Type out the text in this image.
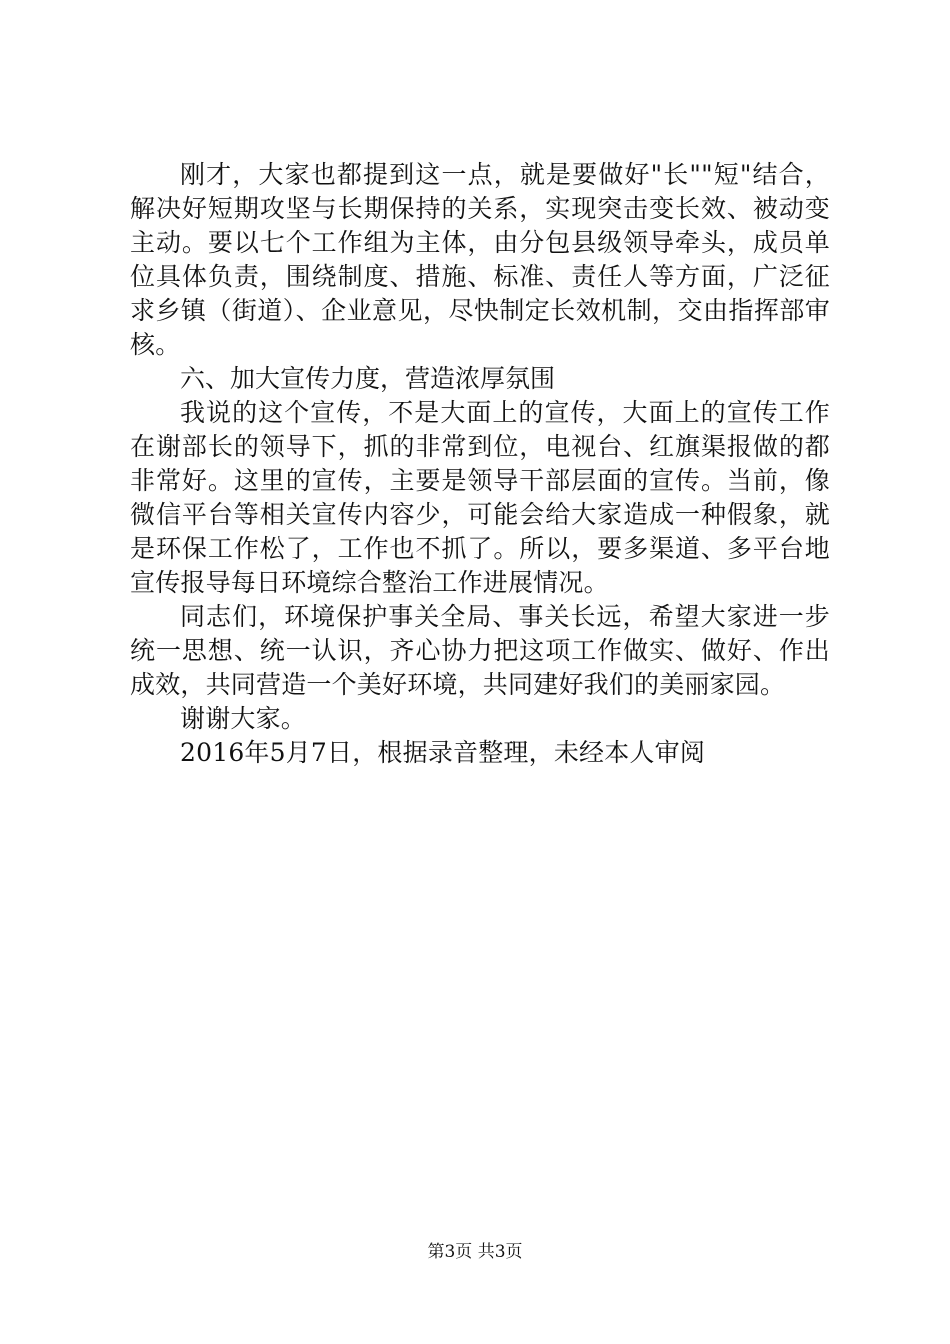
刚才，大家也都提到这一点，就是要做好"长""短"结合，解决好短期攻坚与长期保持的关系，实现突击变长效、被动变主动。要以七个工作组为主体，由分包县级领导牵头，成员单位具体负责，围绕制度、措施、标准、责任人等方面，广泛征求乡镇（街道）、企业意见，尽快制定长效机制，交由指挥部审核。

六、加大宣传力度，营造浓厚氛围

我说的这个宣传，不是大面上的宣传，大面上的宣传工作在谢部长的领导下，抓的非常到位，电视台、红旗渠报做的都非常好。这里的宣传，主要是领导干部层面的宣传。当前，像微信平台等相关宣传内容少，可能会给大家造成一种假象，就是环保工作松了，工作也不抓了。所以，要多渠道、多平台地宣传报导每日环境综合整治工作进展情况。

同志们，环境保护事关全局、事关长远，希望大家进一步统一思想、统一认识，齐心协力把这项工作做实、做好、作出成效，共同营造一个美好环境，共同建好我们的美丽家园。

谢谢大家。

2016年5月7日，根据录音整理，未经本人审阅

第3页 共3页
